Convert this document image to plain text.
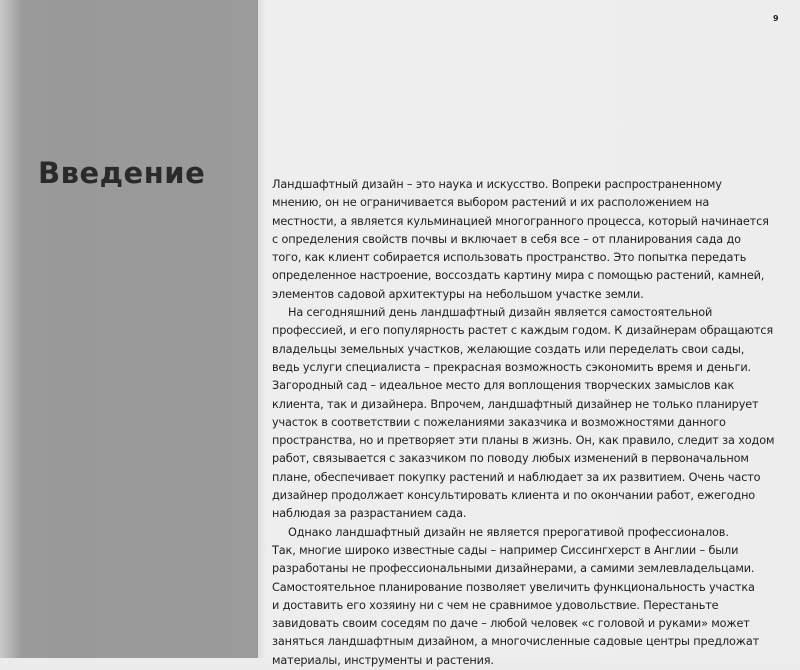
9
Введение	Ландшафтный дизайн – это наука и искусство. Вопреки распространенному
мнению, он не ограничивается выбором растений и их расположением на
местности, а является кульминацией многогранного процесса, который начинается
с определения свойств почвы и включает в себя все – от планирования сада до
того, как клиент собирается использовать пространство. Это попытка передать
определенное настроение, воссоздать картину мира с помощью растений, камней,
элементов садовой архитектуры на небольшом участке земли.
На сегодняшний день ландшафтный дизайн является самостоятельной
профессией, и его популярность растет с каждым годом. К дизайнерам обращаются
владельцы земельных участков, желающие создать или переделать свои сады,
ведь услуги специалиста – прекрасная возможность сэкономить время и деньги.
Загородный сад – идеальное место для воплощения творческих замыслов как
клиента, так и дизайнера. Впрочем, ландшафтный дизайнер не только планирует
участок в соответствии с пожеланиями заказчика и возможностями данного
пространства, но и претворяет эти планы в жизнь. Он, как правило, следит за ходом
работ, связывается с заказчиком по поводу любых изменений в первоначальном
плане, обеспечивает покупку растений и наблюдает за их развитием. Очень часто
дизайнер продолжает консультировать клиента и по окончании работ, ежегодно
наблюдая за разрастанием сада.
Однако ландшафтный дизайн не является прерогативой профессионалов.
Так, многие широко известные сады – например Сиссингхерст в Англии – были
разработаны не профессиональными дизайнерами, а самими землевладельцами.
Самостоятельное планирование позволяет увеличить функциональность участка
и доставить его хозяину ни с чем не сравнимое удовольствие. Перестаньте
завидовать своим соседям по даче – любой человек «с головой и руками» может
заняться ландшафтным дизайном, а многочисленные садовые центры предложат
материалы, инструменты и растения.
